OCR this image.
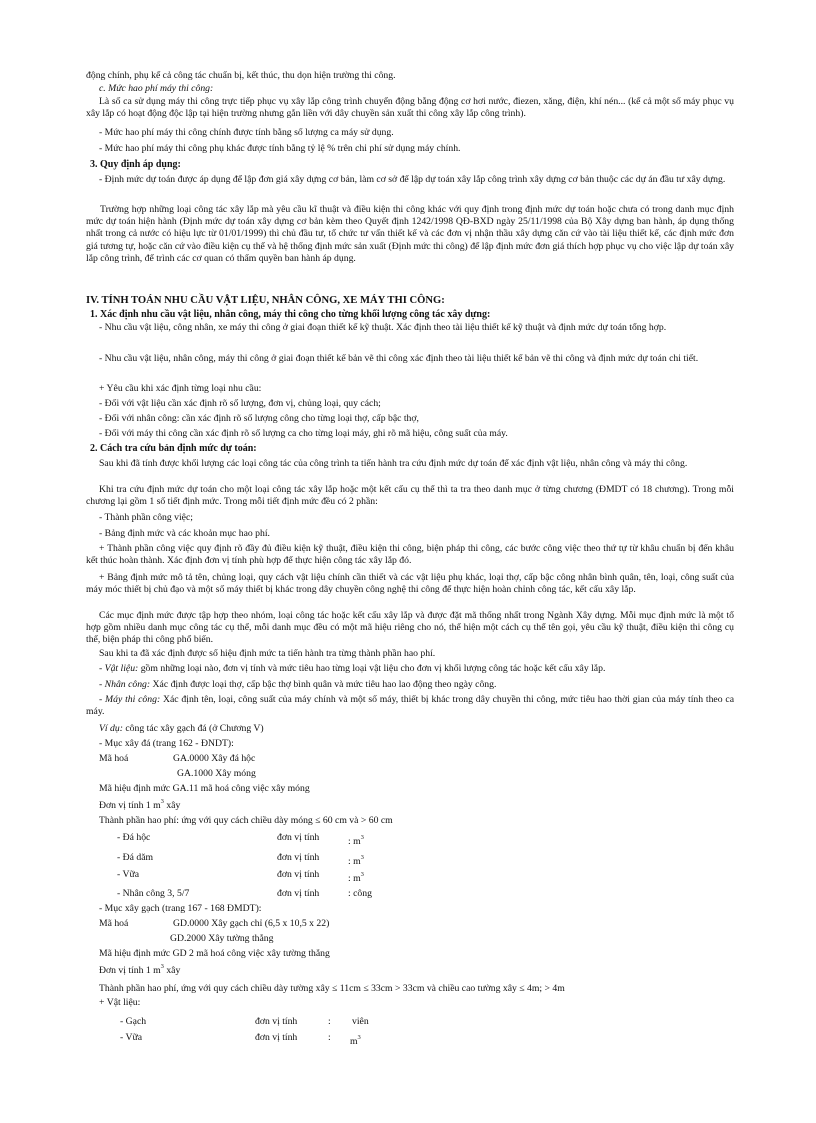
động chính, phụ kể cả công tác chuẩn bị, kết thúc, thu dọn hiện trường thi công.

c. Mức hao phí máy thi công:

Là số ca sử dụng máy thi công trực tiếp phục vụ xây lắp công trình chuyển động bằng động cơ hơi nước, điezen, xăng, điện, khí nén... (kể cả một số máy phục vụ xây lắp có hoạt động độc lập tại hiện trường nhưng gắn liền với dây chuyền sản xuất thi công xây lắp công trình).

- Mức hao phí máy thi công chính được tính bằng số lượng ca máy sử dụng.

- Mức hao phí máy thi công phụ khác được tính bằng tỷ lệ % trên chi phí sử dụng máy chính.

3. Quy định áp dụng:

- Định mức dự toán được áp dụng để lập đơn giá xây dựng cơ bản, làm cơ sở để lập dự toán xây lắp công trình xây dựng cơ bản thuộc các dự án đầu tư xây dựng.

Trường hợp những loại công tác xây lắp mà yêu cầu kĩ thuật và điều kiện thi công khác với quy định trong định mức dự toán hoặc chưa có trong danh mục định mức dự toán hiện hành (Định mức dự toán xây dựng cơ bản kèm theo Quyết định 1242/1998 QĐ-BXD ngày 25/11/1998 của Bộ Xây dựng ban hành, áp dụng thống nhất trong cả nước có hiệu lực từ 01/01/1999) thì chủ đầu tư, tổ chức tư vấn thiết kế và các đơn vị nhận thầu xây dựng căn cứ vào tài liệu thiết kế, các định mức đơn giá tương tự, hoặc căn cứ vào điều kiện cụ thể và hệ thống định mức sản xuất (Định mức thi công) để lập định mức đơn giá thích hợp phục vụ cho việc lập dự toán xây lắp công trình, để trình các cơ quan có thẩm quyền ban hành áp dụng.

IV. TÍNH TOÁN NHU CẦU VẬT LIỆU, NHÂN CÔNG, XE MÁY THI CÔNG:
1. Xác định nhu cầu vật liệu, nhân công, máy thi công cho từng khối lượng công tác xây dựng:

- Nhu cầu vật liệu, công nhân, xe máy thi công ở giai đoạn thiết kế kỹ thuật. Xác định theo tài liệu thiết kế kỹ thuật và định mức dự toán tổng hợp.

- Nhu cầu vật liệu, nhân công, máy thi công ở giai đoạn thiết kế bản vẽ thi công xác định theo tài liệu thiết kế bản vẽ thi công và định mức dự toán chi tiết.

+ Yêu cầu khi xác định từng loại nhu cầu:

- Đối với vật liệu cần xác định rõ số lượng, đơn vị, chủng loại, quy cách;

- Đối với nhân công: cần xác định rõ số lượng công cho từng loại thợ, cấp bậc thợ,

- Đối với máy thi công cần xác định rõ số lượng ca cho từng loại máy, ghi rõ mã hiệu, công suất của máy.

2. Cách tra cứu bản định mức dự toán:

Sau khi đã tính được khối lượng các loại công tác của công trình ta tiến hành tra cứu định mức dự toán để xác định vật liệu, nhân công và máy thi công.

Khi tra cứu định mức dự toán cho một loại công tác xây lắp hoặc một kết cấu cụ thể thì ta tra theo danh mục ở từng chương (ĐMDT có 18 chương). Trong mỗi chương lại gồm 1 số tiết định mức. Trong mỗi tiết định mức đều có 2 phần:

- Thành phần công việc;

- Bảng định mức và các khoản mục hao phí.

+ Thành phần công việc quy định rõ đầy đủ điều kiện kỹ thuật, điều kiện thi công, biện pháp thi công, các bước công việc theo thứ tự từ khâu chuẩn bị đến khâu kết thúc hoàn thành. Xác định đơn vị tính phù hợp để thực hiện công tác xây lắp đó.

+ Bảng định mức mô tả tên, chủng loại, quy cách vật liệu chính cần thiết và các vật liệu phụ khác, loại thợ, cấp bậc công nhân bình quân, tên, loại, công suất của máy móc thiết bị chủ đạo và một số máy thiết bị khác trong dây chuyền công nghệ thi công để thực hiện hoàn chỉnh công tác, kết cấu xây lắp.

Các mục định mức được tập hợp theo nhóm, loại công tác hoặc kết cấu xây lắp và được đặt mã thống nhất trong Ngành Xây dựng. Mỗi mục định mức là một tổ hợp gồm nhiều danh mục công tác cụ thể, mỗi danh mục đều có một mã hiệu riêng cho nó, thể hiện một cách cụ thể tên gọi, yêu cầu kỹ thuật, điều kiện thi công cụ thể, biện pháp thi công phổ biến.

Sau khi ta đã xác định được số hiệu định mức ta tiến hành tra từng thành phần hao phí.

- Vật liệu: gồm những loại nào, đơn vị tính và mức tiêu hao từng loại vật liệu cho đơn vị khối lượng công tác hoặc kết cấu xây lắp.

- Nhân công: Xác định được loại thợ, cấp bậc thợ bình quân và mức tiêu hao lao động theo ngày công.

- Máy thi công: Xác định tên, loại, công suất của máy chính và một số máy, thiết bị khác trong dây chuyền thi công, mức tiêu hao thời gian của máy tính theo ca máy.

Ví dụ: công tác xây gạch đá (ở Chương V)

- Mục xây đá (trang 162 - ĐNDT):
Mã hoá	GA.0000 Xây đá hộc
GA.1000 Xây móng
Mã hiệu định mức GA.11 mã hoá công việc xây móng
Đơn vị tính 1 $m^3$ xây
Thành phần hao phí: ứng với quy cách chiều dày móng ≤ 60 cm và > 60 cm
- Đá hộc	đơn vị tính	: $m^3$
- Đá dăm	đơn vị tính	: $m^3$
- Vữa	đơn vị tính	: $m^3$
- Nhân công 3, 5/7	đơn vị tính	: công
- Mục xây gạch (trang 167 - 168 ĐMDT):
Mã hoá	GD.0000 Xây gạch chỉ (6,5 x 10,5 x 22)
GD.2000 Xây tường thẳng
Mã hiệu định mức GD 2 mã hoá công việc xây tường thẳng
Đơn vị tính 1 $m^3$ xây
Thành phần hao phí, ứng với quy cách chiều dày tường xây ≤ 11cm ≤ 33cm > 33cm và chiều cao tường xây ≤ 4m; > 4m
+ Vật liệu:
- Gạch	đơn vị tính	: viên
- Vữa	đơn vị tính	: $m^3$
